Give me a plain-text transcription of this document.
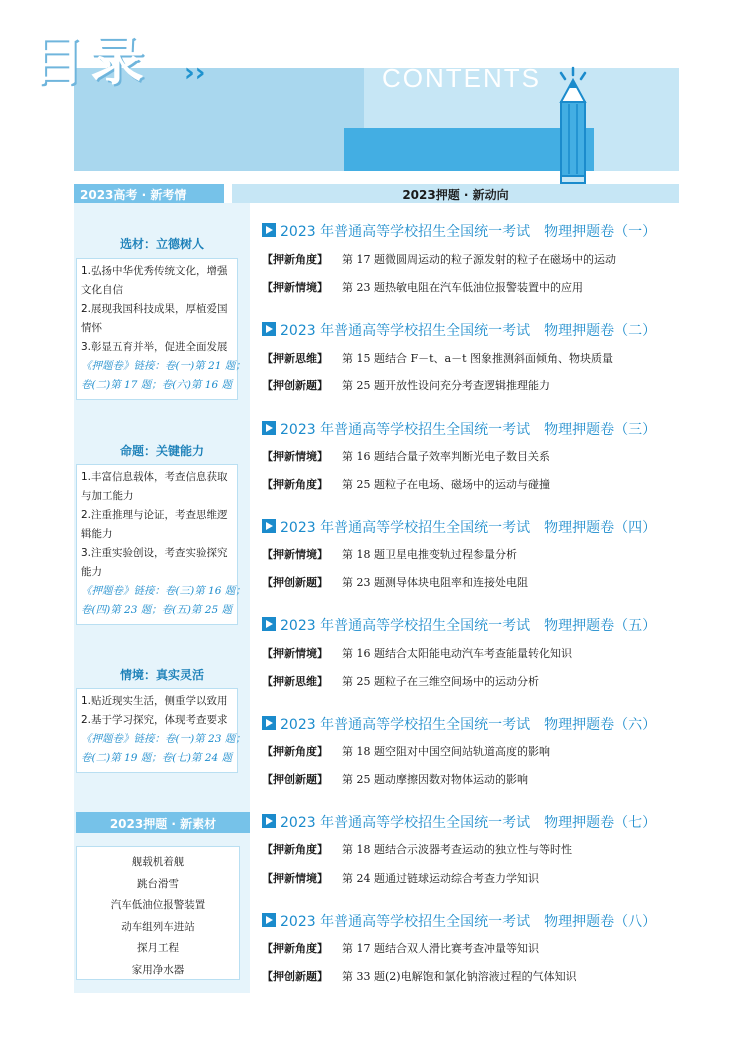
目录 ››	CONTENTS
2023高考 · 新考情	2023押题 · 新动向
选材：立德树人
1.弘扬中华优秀传统文化，增强
文化自信
2.展现我国科技成果，厚植爱国
情怀
3.彰显五育并举，促进全面发展
《押题卷》链接：卷(一)第 21 题；
卷(二)第 17 题；卷(六)第 16 题
命题：关键能力
1.丰富信息载体，考查信息获取
与加工能力
2.注重推理与论证，考查思维逻
辑能力
3.注重实验创设，考查实验探究
能力
《押题卷》链接：卷(三)第 16 题；
卷(四)第 23 题；卷(五)第 25 题
情境：真实灵活
1.贴近现实生活，侧重学以致用
2.基于学习探究，体现考查要求
《押题卷》链接：卷(一)第 23 题；
卷(二)第 19 题；卷(七)第 24 题
2023押题 · 新素材
舰载机着舰
跳台滑雪
汽车低油位报警装置
动车组列车进站
探月工程
家用净水器
2023 年普通高等学校招生全国统一考试　物理押题卷（一）
【押新角度】 第 17 题微圆周运动的粒子源发射的粒子在磁场中的运动
【押新情境】 第 23 题热敏电阻在汽车低油位报警装置中的应用
2023 年普通高等学校招生全国统一考试　物理押题卷（二）
【押新思维】 第 15 题结合 F－t、a－t 图象推测斜面倾角、物块质量
【押创新题】 第 25 题开放性设问充分考查逻辑推理能力
2023 年普通高等学校招生全国统一考试　物理押题卷（三）
【押新情境】 第 16 题结合量子效率判断光电子数目关系
【押新角度】 第 25 题粒子在电场、磁场中的运动与碰撞
2023 年普通高等学校招生全国统一考试　物理押题卷（四）
【押新情境】 第 18 题卫星电推变轨过程参量分析
【押创新题】 第 23 题测导体块电阻率和连接处电阻
2023 年普通高等学校招生全国统一考试　物理押题卷（五）
【押新情境】 第 16 题结合太阳能电动汽车考查能量转化知识
【押新思维】 第 25 题粒子在三维空间场中的运动分析
2023 年普通高等学校招生全国统一考试　物理押题卷（六）
【押新角度】 第 18 题空阻对中国空间站轨道高度的影响
【押创新题】 第 25 题动摩擦因数对物体运动的影响
2023 年普通高等学校招生全国统一考试　物理押题卷（七）
【押新角度】 第 18 题结合示波器考查运动的独立性与等时性
【押新情境】 第 24 题通过链球运动综合考查力学知识
2023 年普通高等学校招生全国统一考试　物理押题卷（八）
【押新角度】 第 17 题结合双人滑比赛考查冲量等知识
【押创新题】 第 33 题(2)电解饱和氯化钠溶液过程的气体知识
